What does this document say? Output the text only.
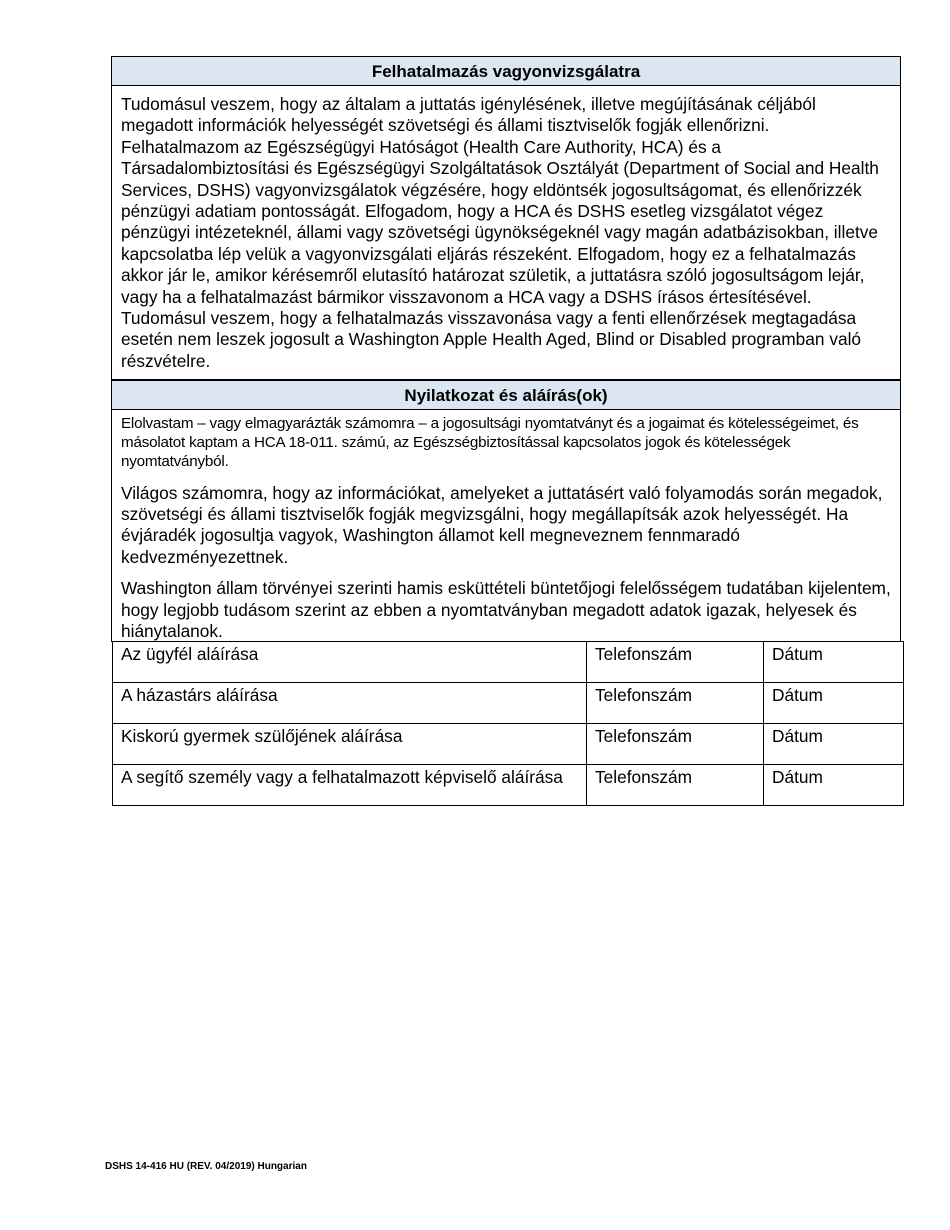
Felhatalmazás vagyonvizsgálatra
Tudomásul veszem, hogy az általam a juttatás igénylésének, illetve megújításának céljából megadott információk helyességét szövetségi és állami tisztviselők fogják ellenőrizni. Felhatalmazom az Egészségügyi Hatóságot (Health Care Authority, HCA) és a Társadalombiztosítási és Egészségügyi Szolgáltatások Osztályát (Department of Social and Health Services, DSHS) vagyonvizsgálatok végzésére, hogy eldöntsék jogosultságomat, és ellenőrizzék pénzügyi adatiam pontosságát. Elfogadom, hogy a HCA és DSHS esetleg vizsgálatot végez pénzügyi intézeteknél, állami vagy szövetségi ügynökségeknél vagy magán adatbázisokban, illetve kapcsolatba lép velük a vagyonvizsgálati eljárás részeként. Elfogadom, hogy ez a felhatalmazás akkor jár le, amikor kérésemről elutasító határozat születik, a juttatásra szóló jogosultságom lejár, vagy ha a felhatalmazást bármikor visszavonom a HCA vagy a DSHS írásos értesítésével. Tudomásul veszem, hogy a felhatalmazás visszavonása vagy a fenti ellenőrzések megtagadása esetén nem leszek jogosult a Washington Apple Health Aged, Blind or Disabled programban való részvételre.
Nyilatkozat és aláírás(ok)

Elolvastam – vagy elmagyarázták számomra – a jogosultsági nyomtatványt és a jogaimat és kötelességeimet, és másolatot kaptam a HCA 18-011. számú, az Egészségbiztosítással kapcsolatos jogok és kötelességek nyomtatványból.

Világos számomra, hogy az információkat, amelyeket a juttatásért való folyamodás során megadok, szövetségi és állami tisztviselők fogják megvizsgálni, hogy megállapítsák azok helyességét. Ha évjáradék jogosultja vagyok, Washington államot kell megneveznem fennmaradó kedvezményezettnek.

Washington állam törvényei szerinti hamis esküttételi büntetőjogi felelősségem tudatában kijelentem, hogy legjobb tudásom szerint az ebben a nyomtatványban megadott adatok igazak, helyesek és hiánytalanok.

Az ügyfél aláírása	Telefonszám	Dátum
A házastárs aláírása	Telefonszám	Dátum
Kiskorú gyermek szülőjének aláírása	Telefonszám	Dátum
A segítő személy vagy a felhatalmazott képviselő aláírása	Telefonszám	Dátum
DSHS 14-416 HU (REV. 04/2019) Hungarian
